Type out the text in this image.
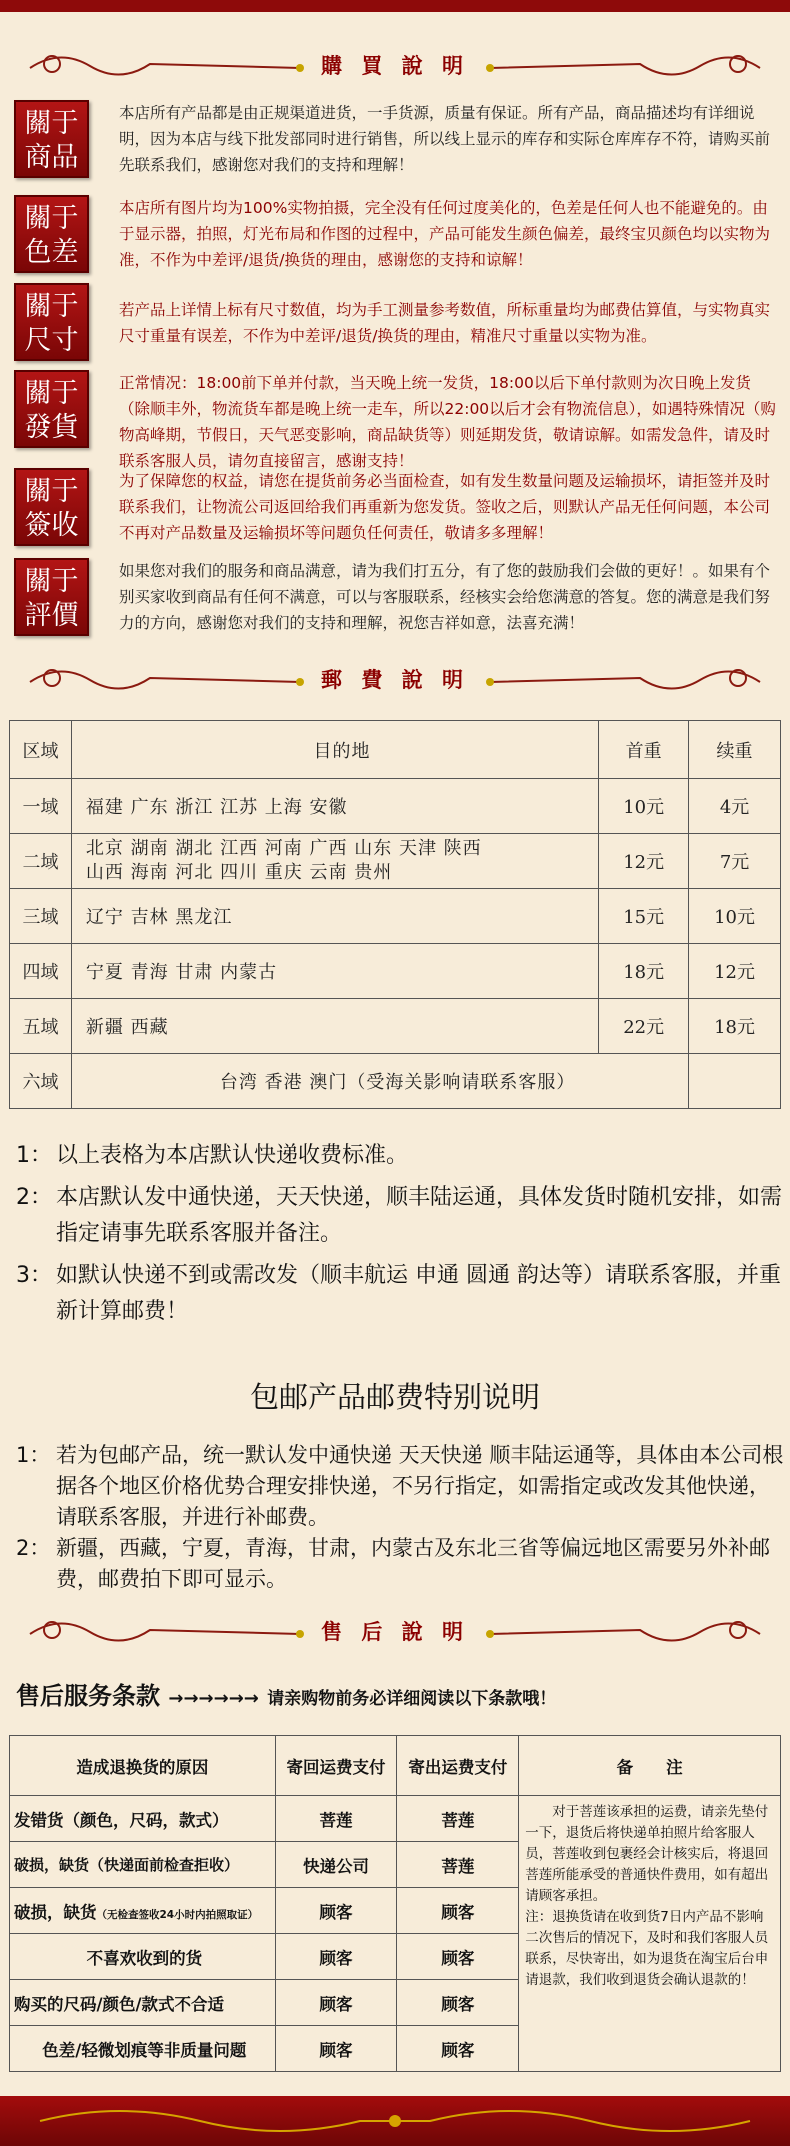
購 買 說 明
關于
商品

本店所有产品都是由正规渠道进货，一手货源，质量有保证。所有产品，商品描述均有详细说明，因为本店与线下批发部同时进行销售，所以线上显示的库存和实际仓库库存不符，请购买前先联系我们，感谢您对我们的支持和理解！

關于
色差

本店所有图片均为100%实物拍摄，完全没有任何过度美化的，色差是任何人也不能避免的。由于显示器，拍照，灯光布局和作图的过程中，产品可能发生颜色偏差，最终宝贝颜色均以实物为准，不作为中差评/退货/换货的理由，感谢您的支持和谅解！

關于
尺寸

若产品上详情上标有尺寸数值，均为手工测量参考数值，所标重量均为邮费估算值，与实物真实尺寸重量有误差，不作为中差评/退货/换货的理由，精准尺寸重量以实物为准。

關于
發貨

正常情况：18:00前下单并付款，当天晚上统一发货，18:00以后下单付款则为次日晚上发货（除顺丰外，物流货车都是晚上统一走车，所以22:00以后才会有物流信息），如遇特殊情况（购物高峰期，节假日，天气恶变影响，商品缺货等）则延期发货，敬请谅解。如需发急件，请及时联系客服人员，请勿直接留言，感谢支持！

關于
簽收

为了保障您的权益，请您在提货前务必当面检查，如有发生数量问题及运输损坏，请拒签并及时联系我们，让物流公司返回给我们再重新为您发货。签收之后，则默认产品无任何问题，本公司不再对产品数量及运输损坏等问题负任何责任，敬请多多理解！

關于
評價

如果您对我们的服务和商品满意，请为我们打五分，有了您的鼓励我们会做的更好！。如果有个别买家收到商品有任何不满意，可以与客服联系，经核实会给您满意的答复。您的满意是我们努力的方向，感谢您对我们的支持和理解，祝您吉祥如意，法喜充满！

郵 費 說 明
区域	目的地	首重	续重
一域	福建 广东 浙江 江苏 上海 安徽	10元	4元
二域	北京 湖南 湖北 江西 河南 广西 山东 天津 陕西
山西 海南 河北 四川 重庆 云南 贵州	12元	7元
三域	辽宁 吉林 黑龙江	15元	10元
四域	宁夏 青海 甘肃 内蒙古	18元	12元
五域	新疆 西藏	22元	18元
六域	台湾 香港 澳门（受海关影响请联系客服）		
1： 以上表格为本店默认快递收费标准。
2： 本店默认发中通快递，天天快递，顺丰陆运通，具体发货时随机安排，如需指定请事先联系客服并备注。
3： 如默认快递不到或需改发（顺丰航运 申通 圆通 韵达等）请联系客服，并重新计算邮费！
包邮产品邮费特别说明
1： 若为包邮产品，统一默认发中通快递 天天快递 顺丰陆运通等，具体由本公司根据各个地区价格优势合理安排快递，不另行指定，如需指定或改发其他快递，请联系客服，并进行补邮费。
2： 新疆，西藏，宁夏，青海，甘肃，内蒙古及东北三省等偏远地区需要另外补邮费，邮费拍下即可显示。
售 后 說 明
售后服务条款 →→→→→→ 请亲购物前务必详细阅读以下条款哦！
造成退换货的原因	寄回运费支付	寄出运费支付	备　　注
发错货（颜色，尺码，款式）	菩莲	菩莲	　　对于菩莲该承担的运费，请亲先垫付一下，退货后将快递单拍照片给客服人员，菩莲收到包裹经会计核实后，将退回菩莲所能承受的普通快件费用，如有超出请顾客承担。
注：退换货请在收到货7日内产品不影响二次售后的情况下，及时和我们客服人员联系，尽快寄出，如为退货在淘宝后台申请退款，我们收到退货会确认退款的！

破损，缺货（快递面前检查拒收）	快递公司	菩莲	
破损，缺货（无检查签收24小时内拍照取证）	顾客	顾客	
不喜欢收到的货	顾客	顾客	
购买的尺码/颜色/款式不合适	顾客	顾客	
色差/轻微划痕等非质量问题	顾客	顾客	
